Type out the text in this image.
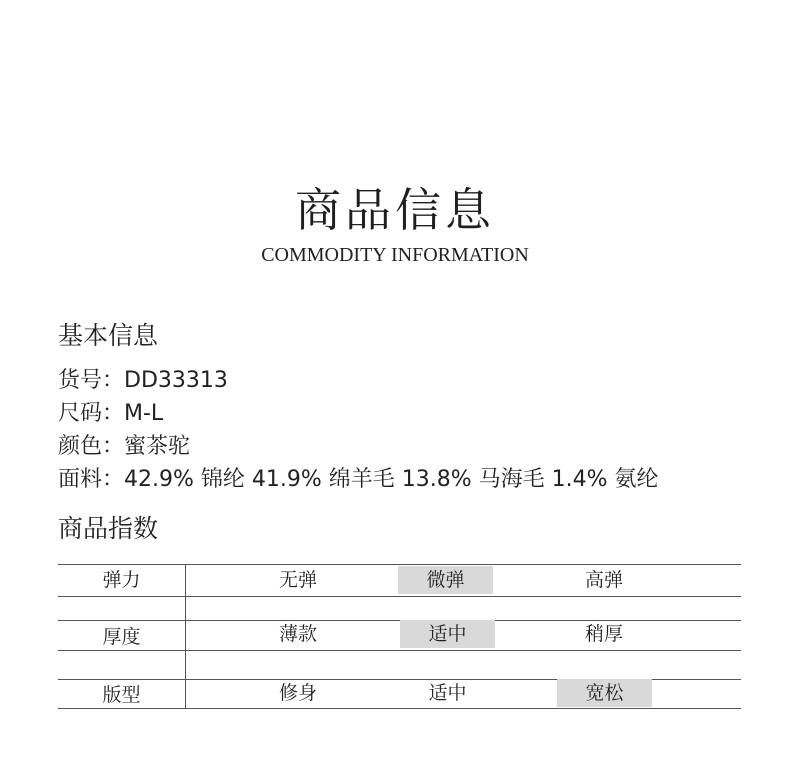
商品信息
COMMODITY INFORMATION
基本信息
货号：DD33313
尺码：M-L
颜色：蜜茶驼
面料：42.9% 锦纶 41.9% 绵羊毛 13.8% 马海毛 1.4% 氨纶
商品指数
弹力	无弹	微弹	高弹
厚度	薄款	适中	稍厚
版型	修身	适中	宽松
